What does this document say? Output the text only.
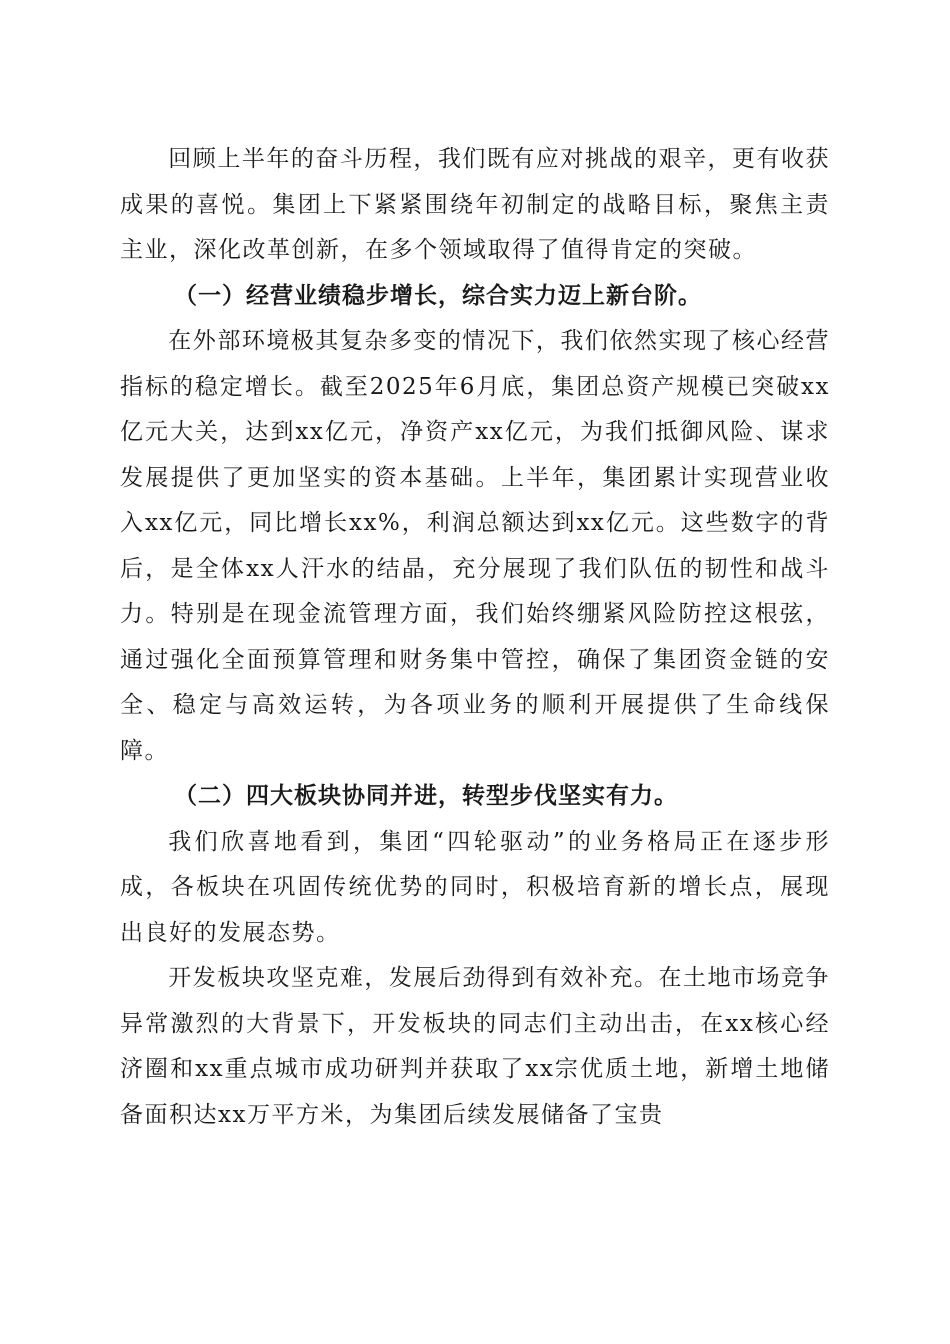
回顾上半年的奋斗历程，我们既有应对挑战的艰辛，更有收获成果的喜悦。集团上下紧紧围绕年初制定的战略目标，聚焦主责主业，深化改革创新，在多个领域取得了值得肯定的突破。

（一）经营业绩稳步增长，综合实力迈上新台阶。

在外部环境极其复杂多变的情况下，我们依然实现了核心经营指标的稳定增长。截至2025年6月底，集团总资产规模已突破xx亿元大关，达到xx亿元，净资产xx亿元，为我们抵御风险、谋求发展提供了更加坚实的资本基础。上半年，集团累计实现营业收入xx亿元，同比增长xx%，利润总额达到xx亿元。这些数字的背后，是全体xx人汗水的结晶，充分展现了我们队伍的韧性和战斗力。特别是在现金流管理方面，我们始终绷紧风险防控这根弦，通过强化全面预算管理和财务集中管控，确保了集团资金链的安全、稳定与高效运转，为各项业务的顺利开展提供了生命线保障。

（二）四大板块协同并进，转型步伐坚实有力。

我们欣喜地看到，集团“四轮驱动”的业务格局正在逐步形成，各板块在巩固传统优势的同时，积极培育新的增长点，展现出良好的发展态势。

开发板块攻坚克难，发展后劲得到有效补充。在土地市场竞争异常激烈的大背景下，开发板块的同志们主动出击，在xx核心经济圈和xx重点城市成功研判并获取了xx宗优质土地，新增土地储备面积达xx万平方米，为集团后续发展储备了宝贵
